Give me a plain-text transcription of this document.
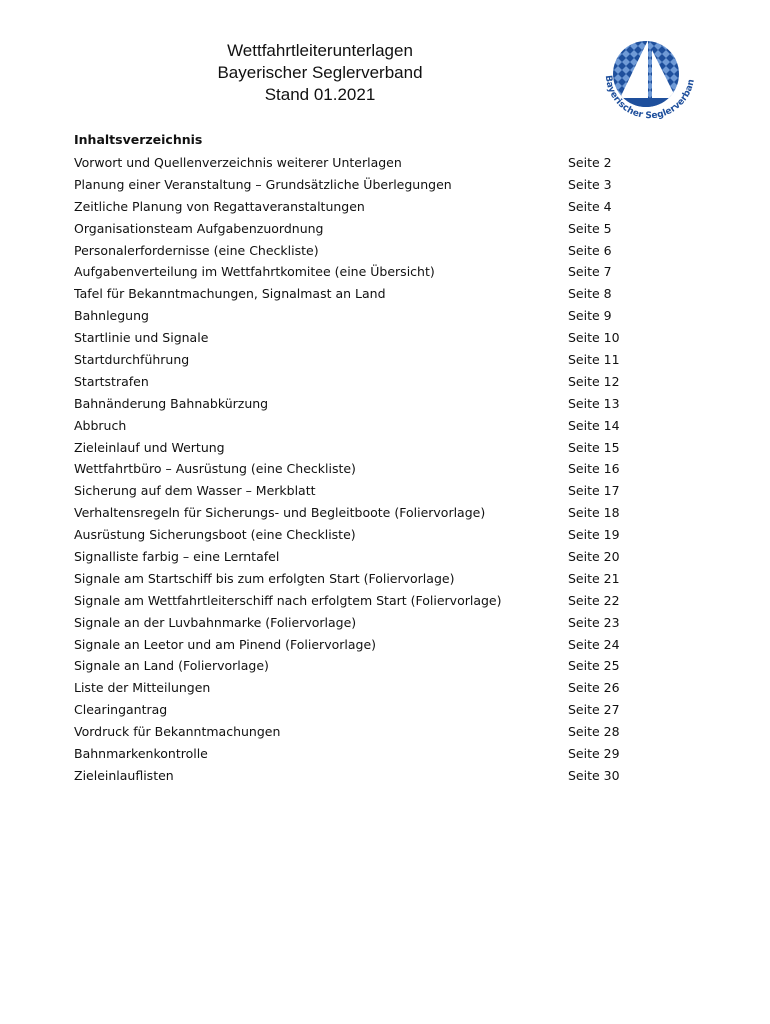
Wettfahrtleiterunterlagen
Bayerischer Seglerverband
Stand 01.2021
Bayerischer Seglerverban
Inhaltsverzeichnis
Vorwort und Quellenverzeichnis weiterer Unterlagen	Seite 2
Planung einer Veranstaltung – Grundsätzliche Überlegungen	Seite 3
Zeitliche Planung von Regattaveranstaltungen	Seite 4
Organisationsteam Aufgabenzuordnung	Seite 5
Personalerfordernisse (eine Checkliste)	Seite 6
Aufgabenverteilung im Wettfahrtkomitee (eine Übersicht)	Seite 7
Tafel für Bekanntmachungen, Signalmast an Land	Seite 8
Bahnlegung	Seite 9
Startlinie und Signale	Seite 10
Startdurchführung	Seite 11
Startstrafen	Seite 12
Bahnänderung Bahnabkürzung	Seite 13
Abbruch	Seite 14
Zieleinlauf und Wertung	Seite 15
Wettfahrtbüro – Ausrüstung (eine Checkliste)	Seite 16
Sicherung auf dem Wasser – Merkblatt	Seite 17
Verhaltensregeln für Sicherungs- und Begleitboote (Foliervorlage)	Seite 18
Ausrüstung Sicherungsboot (eine Checkliste)	Seite 19
Signalliste farbig – eine Lerntafel	Seite 20
Signale am Startschiff bis zum erfolgten Start (Foliervorlage)	Seite 21
Signale am Wettfahrtleiterschiff nach erfolgtem Start (Foliervorlage)	Seite 22
Signale an der Luvbahnmarke (Foliervorlage)	Seite 23
Signale an Leetor und am Pinend (Foliervorlage)	Seite 24
Signale an Land (Foliervorlage)	Seite 25
Liste der Mitteilungen	Seite 26
Clearingantrag	Seite 27
Vordruck für Bekanntmachungen	Seite 28
Bahnmarkenkontrolle	Seite 29
Zieleinlauflisten	Seite 30
